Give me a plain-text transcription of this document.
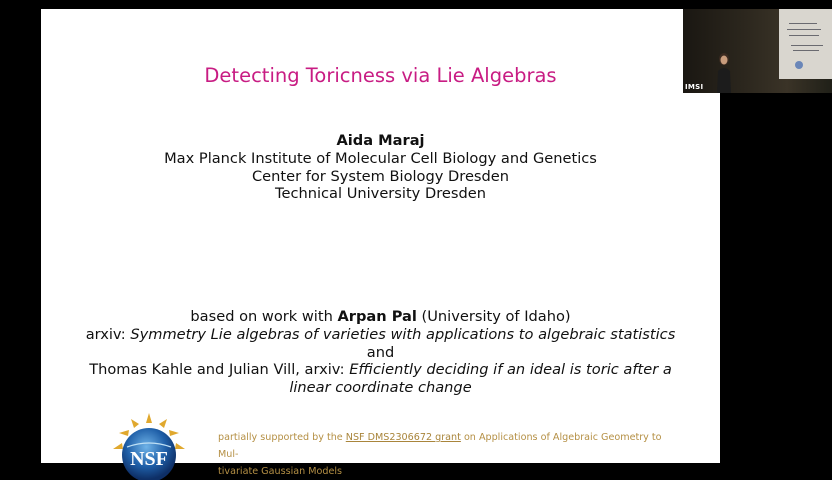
Detecting Toricness via Lie Algebras
Aida Maraj
Max Planck Institute of Molecular Cell Biology and Genetics
Center for System Biology Dresden
Technical University Dresden
based on work with Arpan Pal (University of Idaho)
arxiv: Symmetry Lie algebras of varieties with applications to algebraic statistics
and
Thomas Kahle and Julian Vill, arxiv: Efficiently deciding if an ideal is toric after a
linear coordinate change
NSF
partially supported by the NSF DMS2306672 grant on Applications of Algebraic Geometry to Mul-
tivariate Gaussian Models
IMSI
